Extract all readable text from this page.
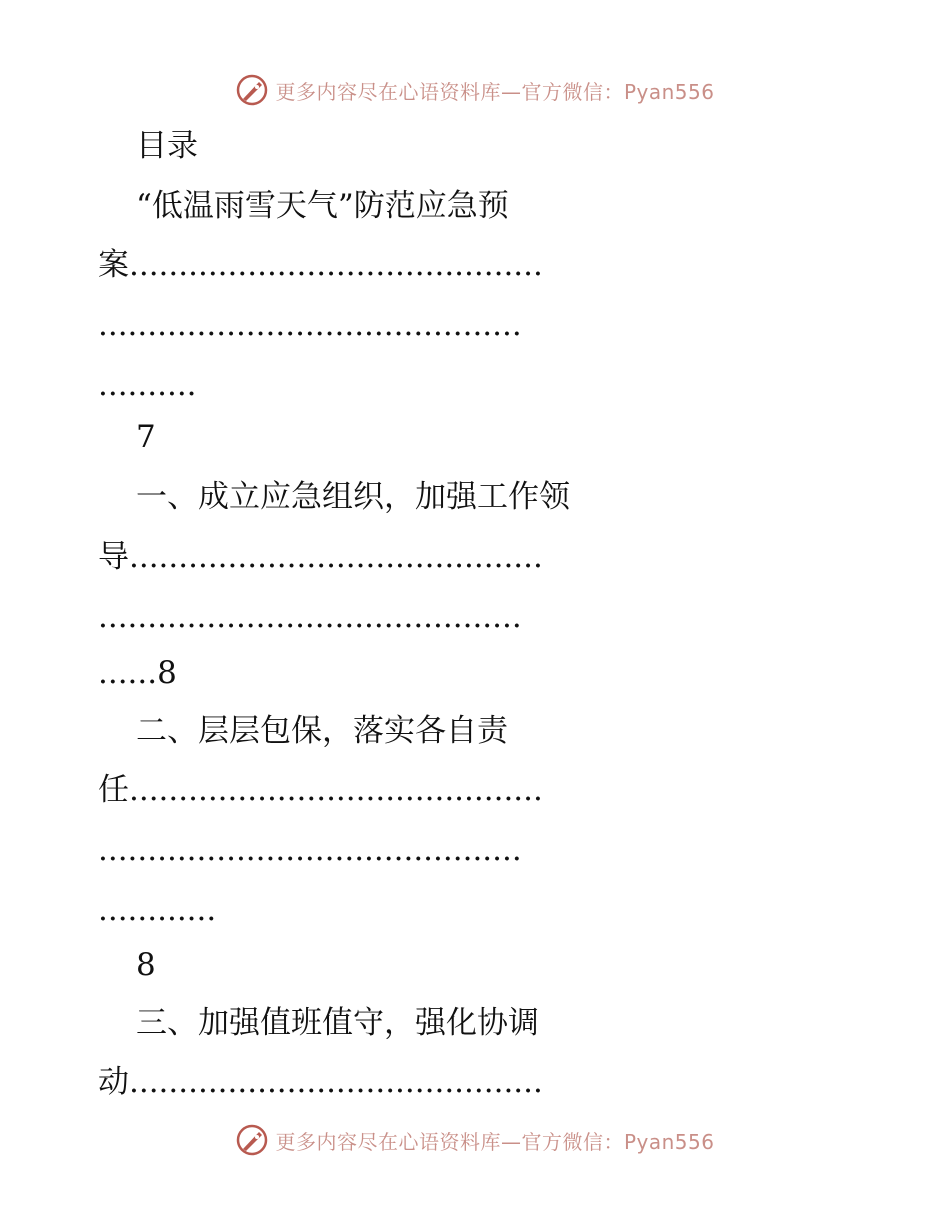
更多内容尽在心语资料库—官方微信：Pyan556
目录
“低温雨雪天气”防范应急预
案..........................................
...........................................
..........
7
一、成立应急组织，加强工作领
导..........................................
...........................................
......8
二、层层包保，落实各自责
任..........................................
...........................................
............
8
三、加强值班值守，强化协调
动..........................................
更多内容尽在心语资料库—官方微信：Pyan556
